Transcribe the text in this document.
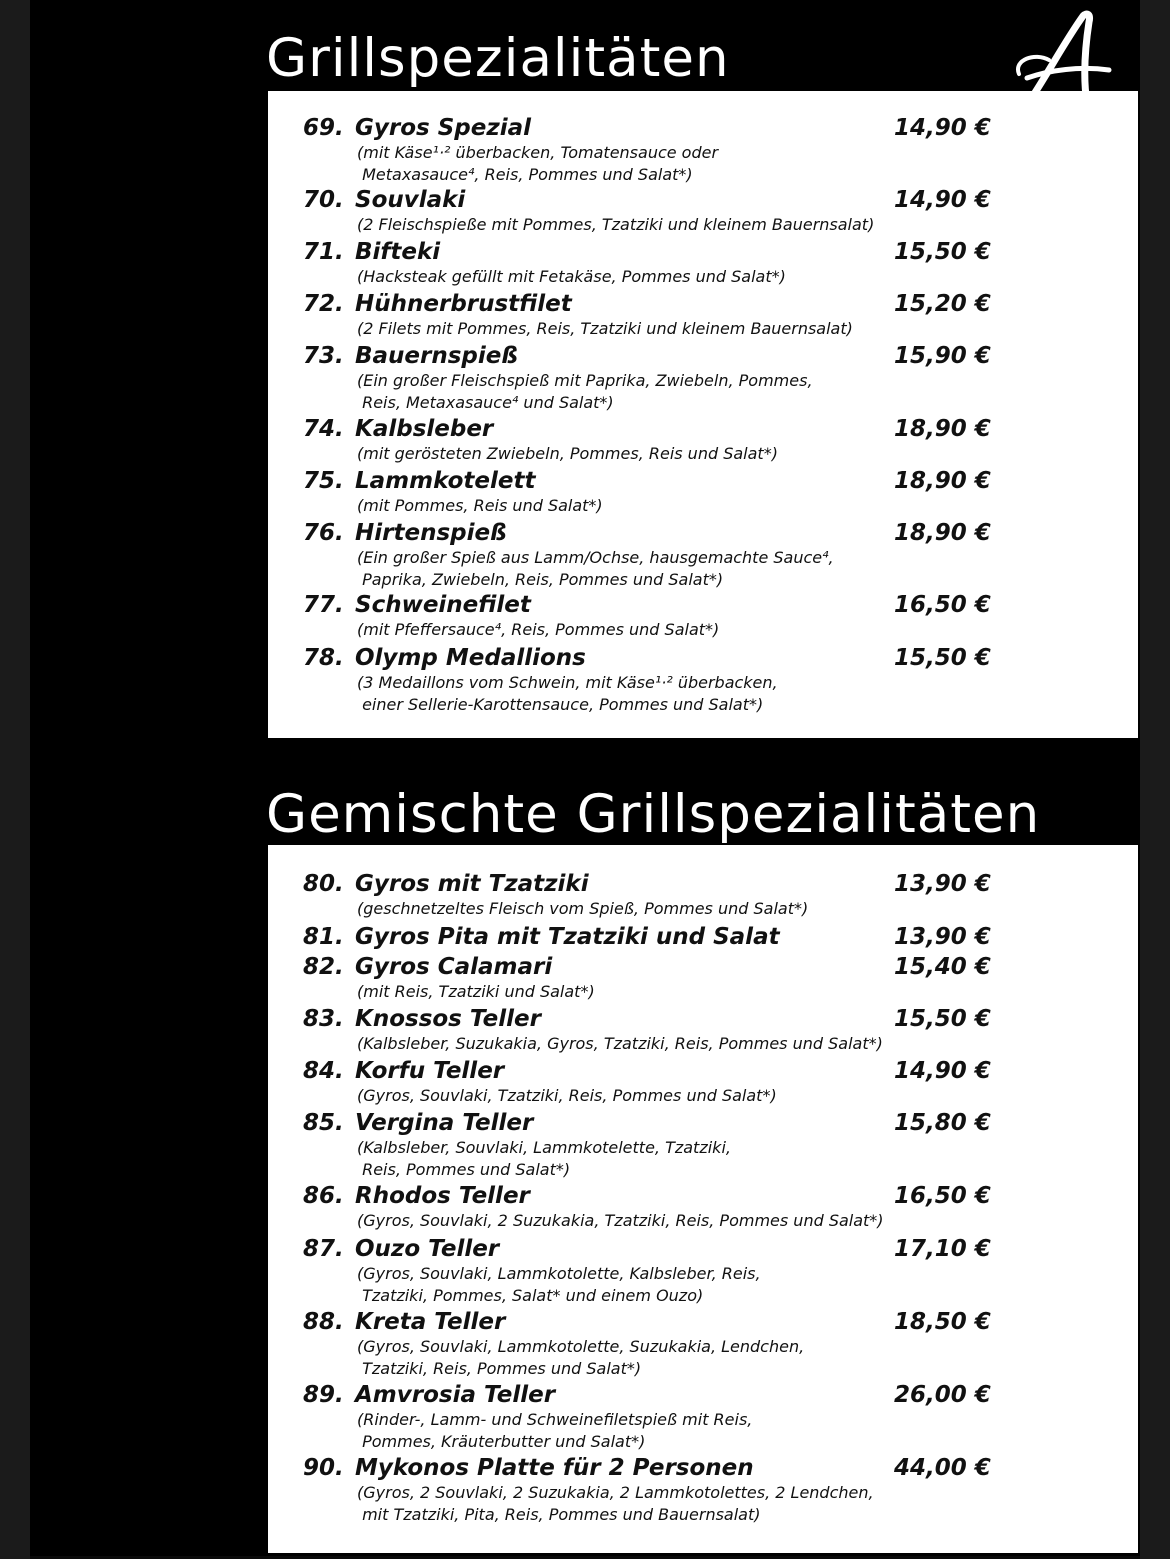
Grillspezialitäten
69. Gyros Spezial	14,90 €
(mit Käse¹·² überbacken, Tomatensauce oder
Metaxasauce⁴, Reis, Pommes und Salat*)
70. Souvlaki	14,90 €
(2 Fleischspieße mit Pommes, Tzatziki und kleinem Bauernsalat)
71. Bifteki	15,50 €
(Hacksteak gefüllt mit Fetakäse, Pommes und Salat*)
72. Hühnerbrustfilet	15,20 €
(2 Filets mit Pommes, Reis, Tzatziki und kleinem Bauernsalat)
73. Bauernspieß	15,90 €
(Ein großer Fleischspieß mit Paprika, Zwiebeln, Pommes,
Reis, Metaxasauce⁴ und Salat*)
74. Kalbsleber	18,90 €
(mit gerösteten Zwiebeln, Pommes, Reis und Salat*)
75. Lammkotelett	18,90 €
(mit Pommes, Reis und Salat*)
76. Hirtenspieß	18,90 €
(Ein großer Spieß aus Lamm/Ochse, hausgemachte Sauce⁴,
Paprika, Zwiebeln, Reis, Pommes und Salat*)
77. Schweinefilet	16,50 €
(mit Pfeffersauce⁴, Reis, Pommes und Salat*)
78. Olymp Medallions	15,50 €
(3 Medaillons vom Schwein, mit Käse¹·² überbacken,
einer Sellerie-Karottensauce, Pommes und Salat*)
Gemischte Grillspezialitäten
80. Gyros mit Tzatziki	13,90 €
(geschnetzeltes Fleisch vom Spieß, Pommes und Salat*)
81. Gyros Pita mit Tzatziki und Salat	13,90 €
82. Gyros Calamari	15,40 €
(mit Reis, Tzatziki und Salat*)
83. Knossos Teller	15,50 €
(Kalbsleber, Suzukakia, Gyros, Tzatziki, Reis, Pommes und Salat*)
84. Korfu Teller	14,90 €
(Gyros, Souvlaki, Tzatziki, Reis, Pommes und Salat*)
85. Vergina Teller	15,80 €
(Kalbsleber, Souvlaki, Lammkotelette, Tzatziki,
Reis, Pommes und Salat*)
86. Rhodos Teller	16,50 €
(Gyros, Souvlaki, 2 Suzukakia, Tzatziki, Reis, Pommes und Salat*)
87. Ouzo Teller	17,10 €
(Gyros, Souvlaki, Lammkotolette, Kalbsleber, Reis,
Tzatziki, Pommes, Salat* und einem Ouzo)
88. Kreta Teller	18,50 €
(Gyros, Souvlaki, Lammkotolette, Suzukakia, Lendchen,
Tzatziki, Reis, Pommes und Salat*)
89. Amvrosia Teller	26,00 €
(Rinder-, Lamm- und Schweinefiletspieß mit Reis,
Pommes, Kräuterbutter und Salat*)
90. Mykonos Platte für 2 Personen	44,00 €
(Gyros, 2 Souvlaki, 2 Suzukakia, 2 Lammkotolettes, 2 Lendchen,
mit Tzatziki, Pita, Reis, Pommes und Bauernsalat)
